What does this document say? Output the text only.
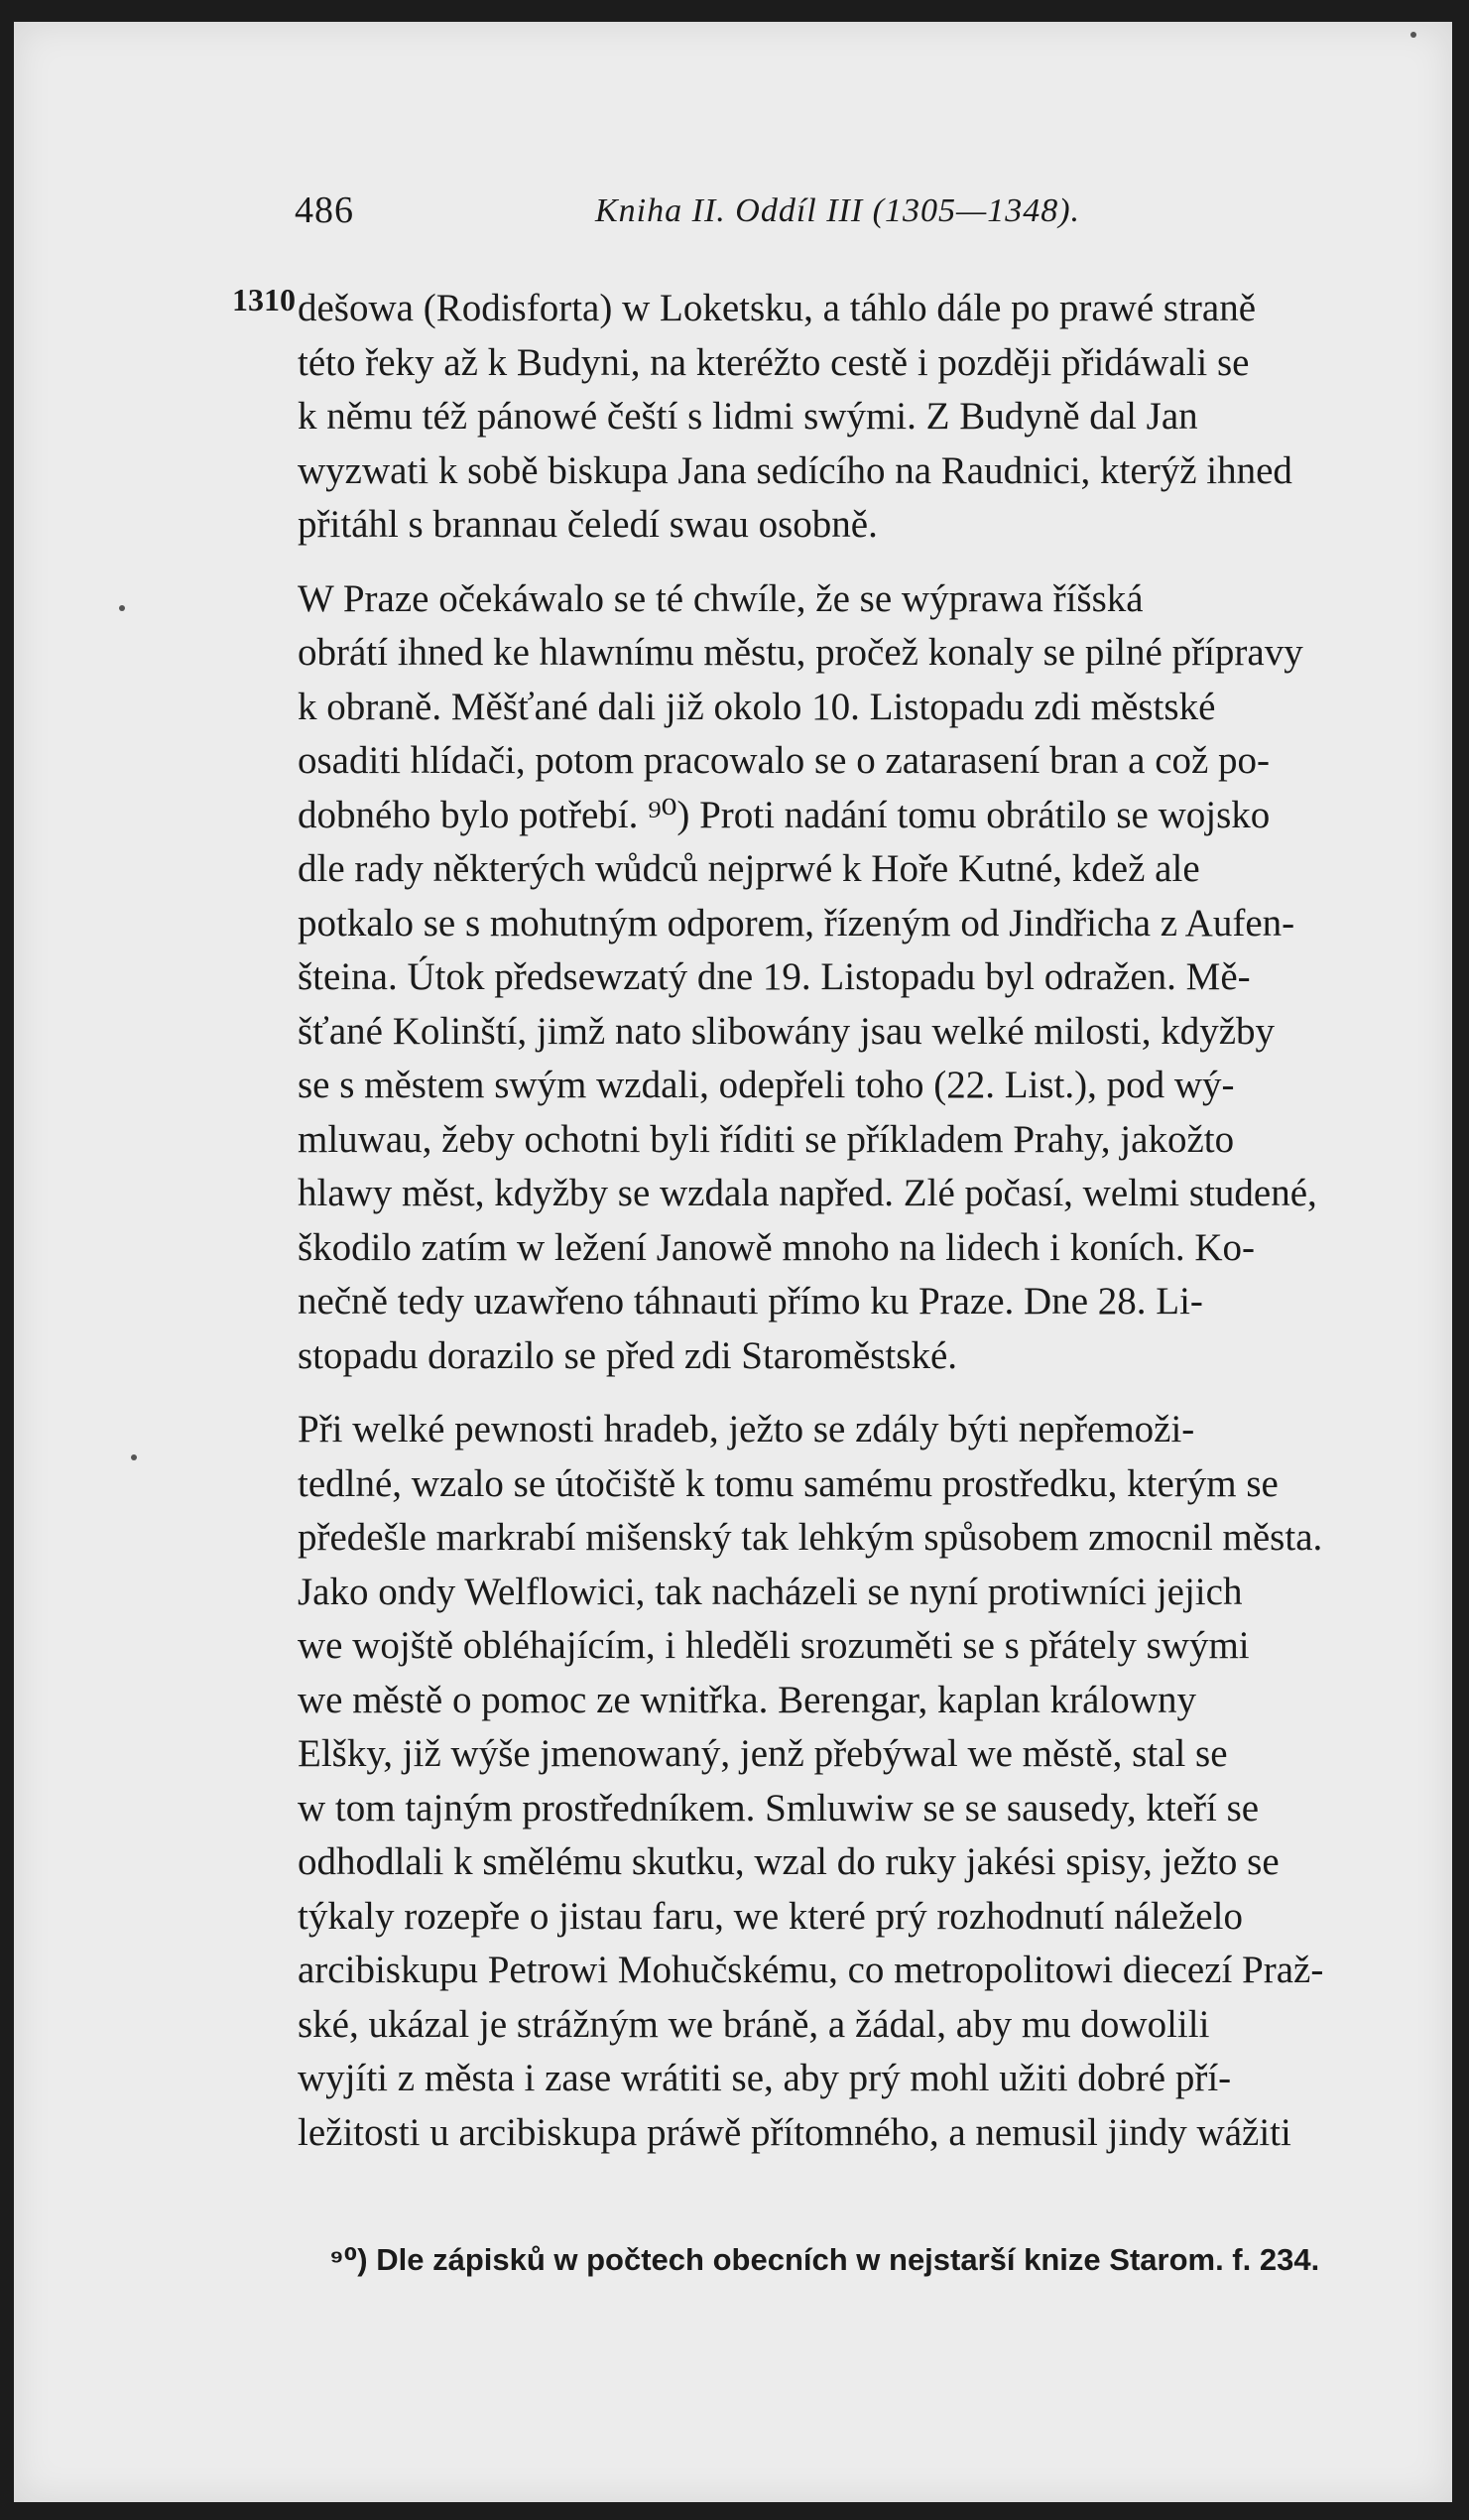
486	Kniha II. Oddíl III (1305—1348).
1310 dešowa (Rodisforta) w Loketsku, a táhlo dále po prawé straně
této řeky až k Budyni, na kteréžto cestě i později přidáwali se
k němu též pánowé čeští s lidmi swými. Z Budyně dal Jan
wyzwati k sobě biskupa Jana sedícího na Raudnici, kterýž ihned
přitáhl s brannau čeledí swau osobně.

W Praze očekáwalo se té chwíle, že se wýprawa říšská
obrátí ihned ke hlawnímu městu, pročež konaly se pilné přípravy
k obraně. Měšťané dali již okolo 10. Listopadu zdi městské
osaditi hlídači, potom pracowalo se o zatarasení bran a což po-
dobného bylo potřebí. ⁹⁰) Proti nadání tomu obrátilo se wojsko
dle rady některých wůdců nejprwé k Hoře Kutné, kdež ale
potkalo se s mohutným odporem, řízeným od Jindřicha z Aufen-
šteina. Útok předsewzatý dne 19. Listopadu byl odražen. Mě-
šťané Kolinští, jimž nato slibowány jsau welké milosti, kdyžby
se s městem swým wzdali, odepřeli toho (22. List.), pod wý-
mluwau, žeby ochotni byli říditi se příkladem Prahy, jakožto
hlawy měst, kdyžby se wzdala napřed. Zlé počasí, welmi studené,
škodilo zatím w ležení Janowě mnoho na lidech i koních. Ko-
nečně tedy uzawřeno táhnauti přímo ku Praze. Dne 28. Li-
stopadu dorazilo se před zdi Staroměstské.

Při welké pewnosti hradeb, ježto se zdály býti nepřemoži-
tedlné, wzalo se útočiště k tomu samému prostředku, kterým se
předešle markrabí mišenský tak lehkým spůsobem zmocnil města.
Jako ondy Welflowici, tak nacházeli se nyní protiwníci jejich
we wojště obléhajícím, i hleděli srozuměti se s přátely swými
we městě o pomoc ze wnitřka. Berengar, kaplan králowny
Elšky, již wýše jmenowaný, jenž přebýwal we městě, stal se
w tom tajným prostředníkem. Smluwiw se se sausedy, kteří se
odhodlali k smělému skutku, wzal do ruky jakési spisy, ježto se
týkaly rozepře o jistau faru, we které prý rozhodnutí náleželo
arcibiskupu Petrowi Mohučskému, co metropolitowi diecezí Praž-
ské, ukázal je strážným we bráně, a žádal, aby mu dowolili
wyjíti z města i zase wrátiti se, aby prý mohl užiti dobré pří-
ležitosti u arcibiskupa práwě přítomného, a nemusil jindy wážiti

⁹⁰) Dle zápisků w počtech obecních w nejstarší knize Starom. f. 234.
